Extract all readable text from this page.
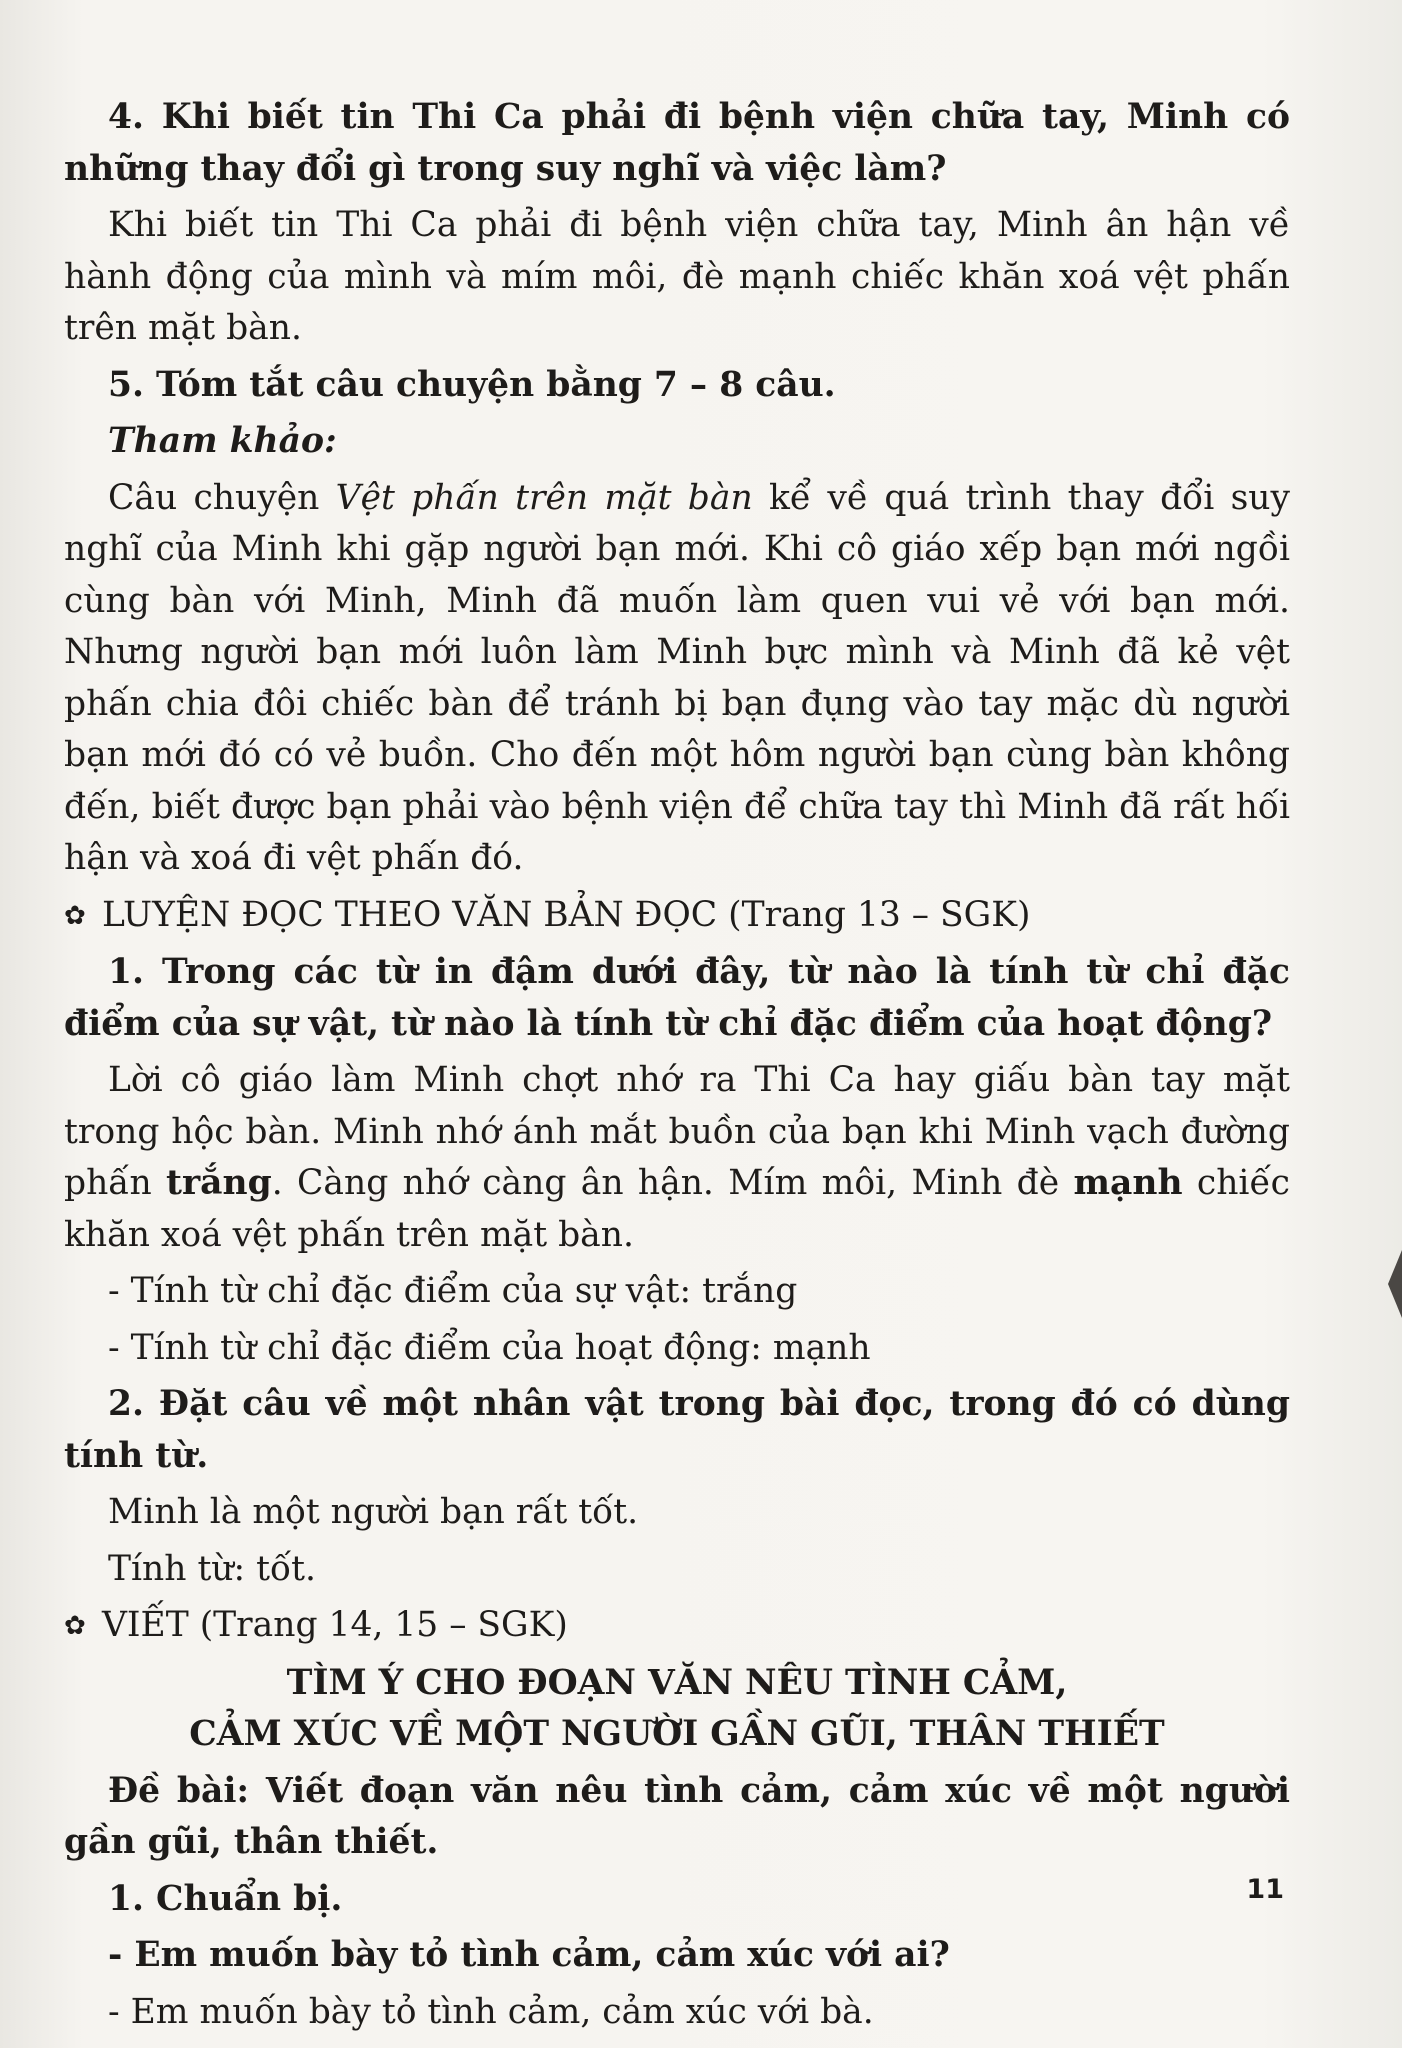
4. Khi biết tin Thi Ca phải đi bệnh viện chữa tay, Minh có những thay đổi gì trong suy nghĩ và việc làm?

Khi biết tin Thi Ca phải đi bệnh viện chữa tay, Minh ân hận về hành động của mình và mím môi, đè mạnh chiếc khăn xoá vệt phấn trên mặt bàn.

5. Tóm tắt câu chuyện bằng 7 – 8 câu.

Tham khảo:

Câu chuyện Vệt phấn trên mặt bàn kể về quá trình thay đổi suy nghĩ của Minh khi gặp người bạn mới. Khi cô giáo xếp bạn mới ngồi cùng bàn với Minh, Minh đã muốn làm quen vui vẻ với bạn mới. Nhưng người bạn mới luôn làm Minh bực mình và Minh đã kẻ vệt phấn chia đôi chiếc bàn để tránh bị bạn đụng vào tay mặc dù người bạn mới đó có vẻ buồn. Cho đến một hôm người bạn cùng bàn không đến, biết được bạn phải vào bệnh viện để chữa tay thì Minh đã rất hối hận và xoá đi vệt phấn đó.

✿ LUYỆN ĐỌC THEO VĂN BẢN ĐỌC (Trang 13 – SGK)

1. Trong các từ in đậm dưới đây, từ nào là tính từ chỉ đặc điểm của sự vật, từ nào là tính từ chỉ đặc điểm của hoạt động?

Lời cô giáo làm Minh chợt nhớ ra Thi Ca hay giấu bàn tay mặt trong hộc bàn. Minh nhớ ánh mắt buồn của bạn khi Minh vạch đường phấn trắng. Càng nhớ càng ân hận. Mím môi, Minh đè mạnh chiếc khăn xoá vệt phấn trên mặt bàn.

- Tính từ chỉ đặc điểm của sự vật: trắng

- Tính từ chỉ đặc điểm của hoạt động: mạnh

2. Đặt câu về một nhân vật trong bài đọc, trong đó có dùng tính từ.

Minh là một người bạn rất tốt.

Tính từ: tốt.

✿ VIẾT (Trang 14, 15 – SGK)

TÌM Ý CHO ĐOẠN VĂN NÊU TÌNH CẢM,

CẢM XÚC VỀ MỘT NGƯỜI GẦN GŨI, THÂN THIẾT

Đề bài: Viết đoạn văn nêu tình cảm, cảm xúc về một người gần gũi, thân thiết.

1. Chuẩn bị.

- Em muốn bày tỏ tình cảm, cảm xúc với ai?

- Em muốn bày tỏ tình cảm, cảm xúc với bà.

11
